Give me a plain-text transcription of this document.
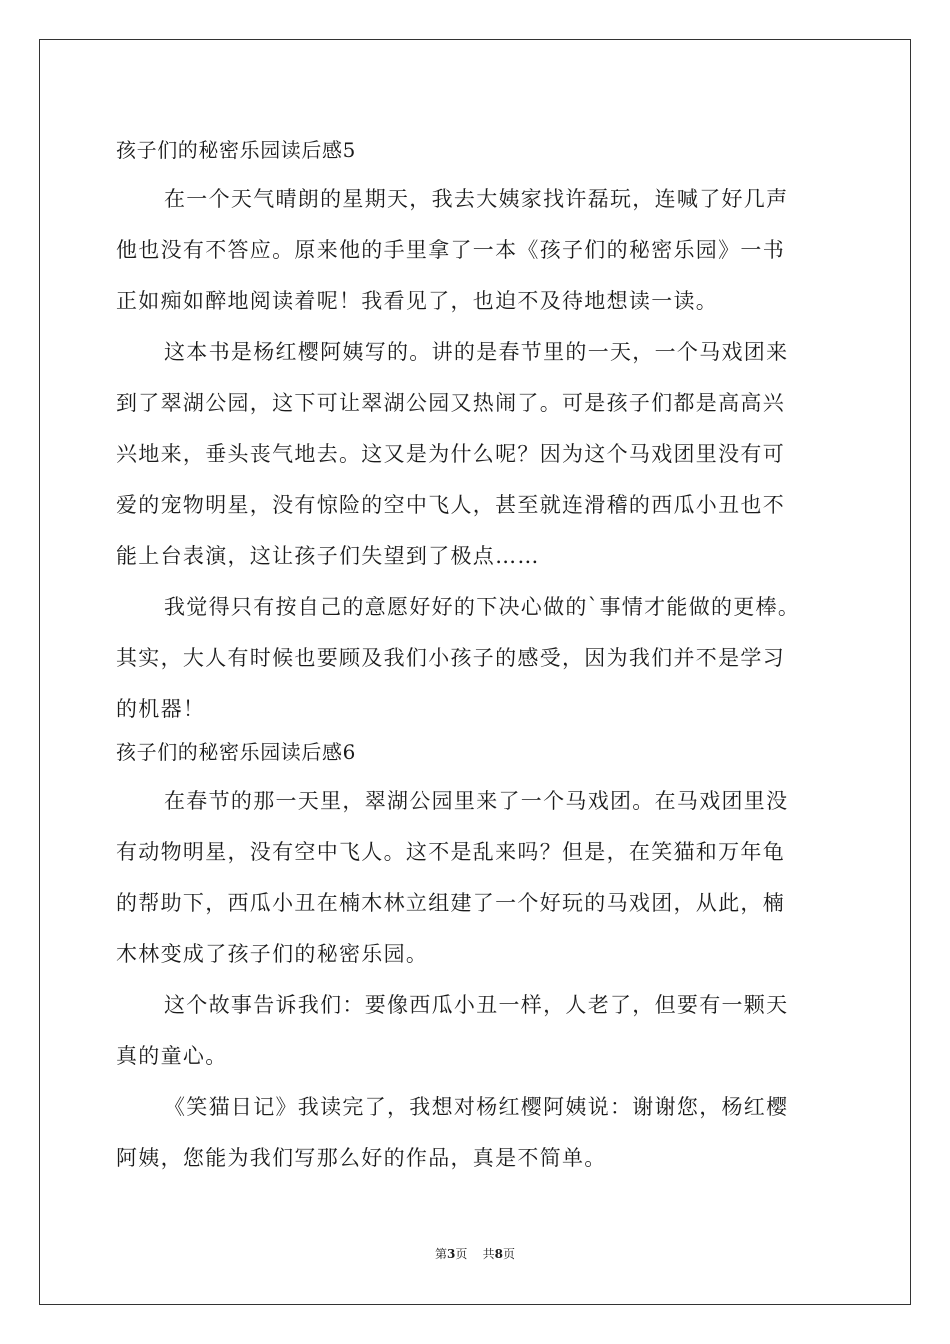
孩子们的秘密乐园读后感5
在一个天气晴朗的星期天，我去大姨家找许磊玩，连喊了好几声
他也没有不答应。原来他的手里拿了一本《孩子们的秘密乐园》一书
正如痴如醉地阅读着呢！我看见了，也迫不及待地想读一读。
这本书是杨红樱阿姨写的。讲的是春节里的一天，一个马戏团来
到了翠湖公园，这下可让翠湖公园又热闹了。可是孩子们都是高高兴
兴地来，垂头丧气地去。这又是为什么呢？因为这个马戏团里没有可
爱的宠物明星，没有惊险的空中飞人，甚至就连滑稽的西瓜小丑也不
能上台表演，这让孩子们失望到了极点……
我觉得只有按自己的意愿好好的下决心做的`事情才能做的更棒。
其实，大人有时候也要顾及我们小孩子的感受，因为我们并不是学习
的机器！
孩子们的秘密乐园读后感6
在春节的那一天里，翠湖公园里来了一个马戏团。在马戏团里没
有动物明星，没有空中飞人。这不是乱来吗？但是，在笑猫和万年龟
的帮助下，西瓜小丑在楠木林立组建了一个好玩的马戏团，从此，楠
木林变成了孩子们的秘密乐园。
这个故事告诉我们：要像西瓜小丑一样，人老了，但要有一颗天
真的童心。
《笑猫日记》我读完了，我想对杨红樱阿姨说：谢谢您，杨红樱
阿姨，您能为我们写那么好的作品，真是不简单。
第3页 共8页
